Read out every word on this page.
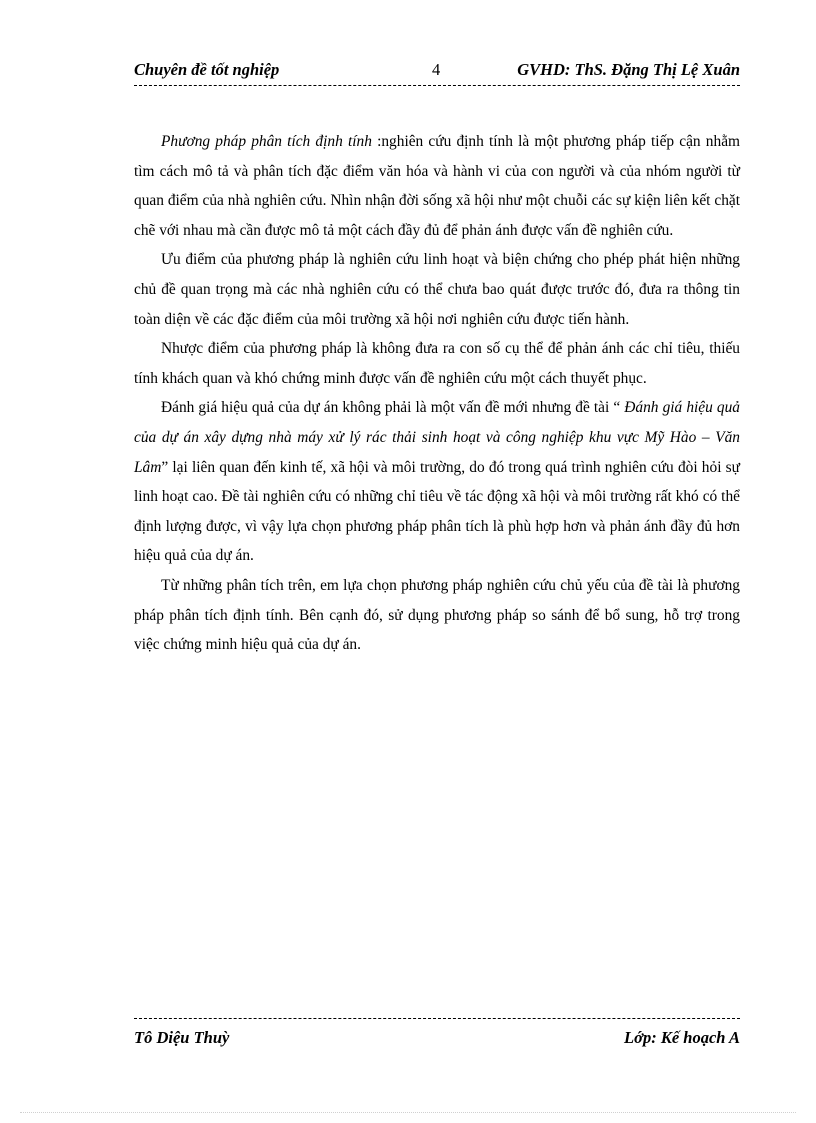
Chuyên đề tốt nghiệp	4	GVHD: ThS. Đặng Thị Lệ Xuân

Phương pháp phân tích định tính :nghiên cứu định tính là một phương pháp tiếp cận nhằm tìm cách mô tả và phân tích đặc điểm văn hóa và hành vi của con người và của nhóm người từ quan điểm của nhà nghiên cứu. Nhìn nhận đời sống xã hội như một chuỗi các sự kiện liên kết chặt chẽ với nhau mà cần được mô tả một cách đầy đủ để phản ánh được vấn đề nghiên cứu.

Ưu điểm của phương pháp là nghiên cứu linh hoạt và biện chứng cho phép phát hiện những chủ đề quan trọng mà các nhà nghiên cứu có thể chưa bao quát được trước đó, đưa ra thông tin toàn diện về các đặc điểm của môi trường xã hội nơi nghiên cứu được tiến hành.

Nhược điểm của phương pháp là không đưa ra con số cụ thể để phản ánh các chỉ tiêu, thiếu tính khách quan và khó chứng minh được vấn đề nghiên cứu một cách thuyết phục.

Đánh giá hiệu quả của dự án không phải là một vấn đề mới nhưng đề tài “ Đánh giá hiệu quả của dự án xây dựng nhà máy xử lý rác thải sinh hoạt và công nghiệp khu vực Mỹ Hào – Văn Lâm” lại liên quan đến kinh tế, xã hội và môi trường, do đó trong quá trình nghiên cứu đòi hỏi sự linh hoạt cao. Đề tài nghiên cứu có những chỉ tiêu về tác động xã hội và môi trường rất khó có thể định lượng được, vì vậy lựa chọn phương pháp phân tích là phù hợp hơn và phản ánh đầy đủ hơn hiệu quả của dự án.

Từ những phân tích trên, em lựa chọn phương pháp nghiên cứu chủ yếu của đề tài là phương pháp phân tích định tính. Bên cạnh đó, sử dụng phương pháp so sánh để bổ sung, hỗ trợ trong việc chứng minh hiệu quả của dự án.

Tô Diệu Thuỳ	Lớp: Kế hoạch A
